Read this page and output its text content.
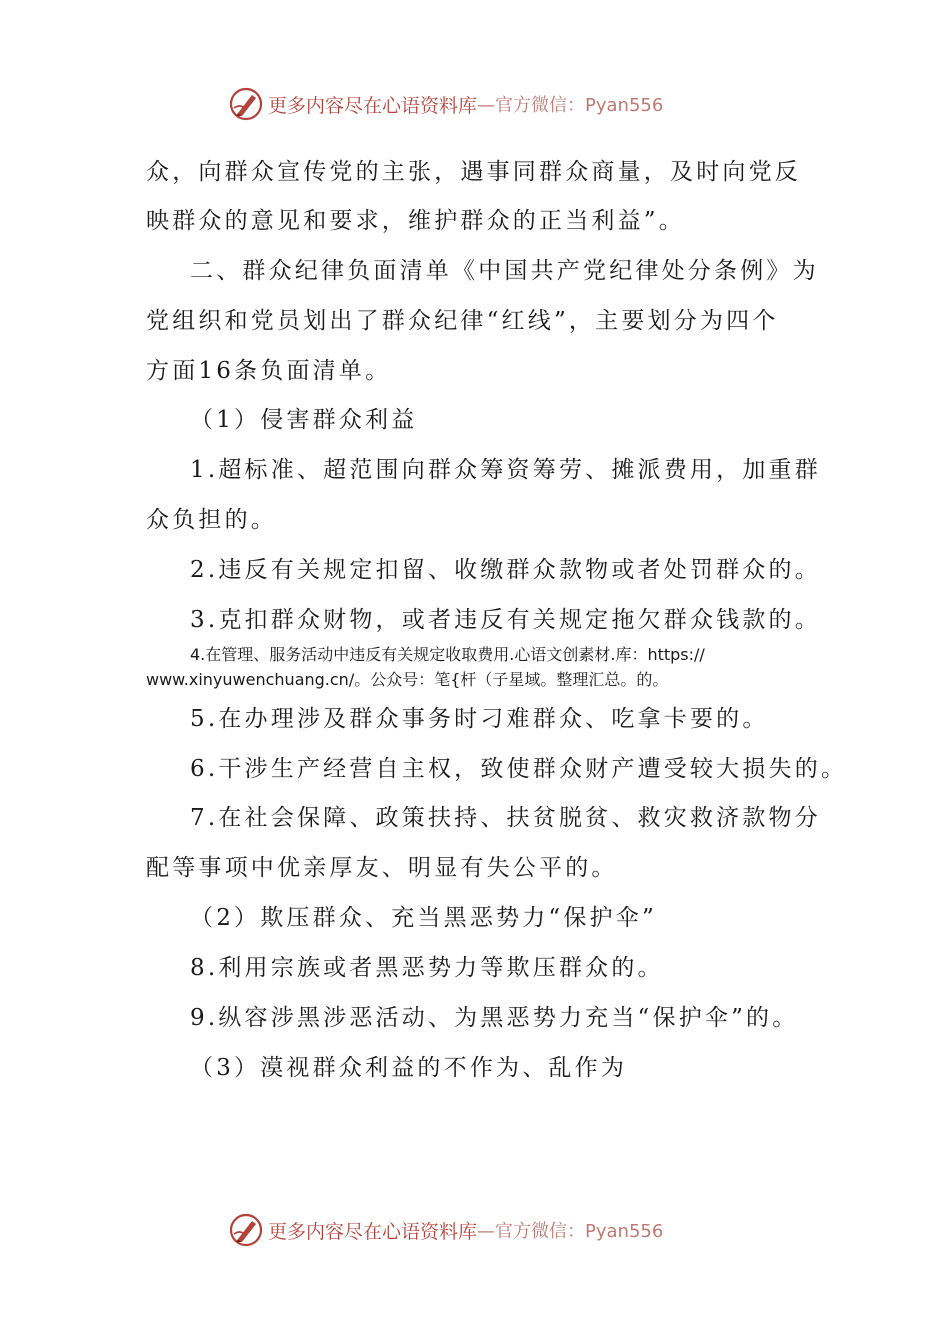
更多内容尽在心语资料库 —官方微信：Pyan556
众，向群众宣传党的主张，遇事同群众商量，及时向党反
映群众的意见和要求，维护群众的正当利益”。
二、群众纪律负面清单《中国共产党纪律处分条例》为
党组织和党员划出了群众纪律“红线”，主要划分为四个
方面16条负面清单。
（1）侵害群众利益
1.超标准、超范围向群众筹资筹劳、摊派费用，加重群
众负担的。
2.违反有关规定扣留、收缴群众款物或者处罚群众的。
3.克扣群众财物，或者违反有关规定拖欠群众钱款的。
4.在管理、服务活动中违反有关规定收取费用.心语文创素材.库：https://
www.xinyuwenchuang.cn/。公众号：笔{杆（子星域。整理汇总。的。
5.在办理涉及群众事务时刁难群众、吃拿卡要的。
6.干涉生产经营自主权，致使群众财产遭受较大损失的。
7.在社会保障、政策扶持、扶贫脱贫、救灾救济款物分
配等事项中优亲厚友、明显有失公平的。
（2）欺压群众、充当黑恶势力“保护伞”
8.利用宗族或者黑恶势力等欺压群众的。
9.纵容涉黑涉恶活动、为黑恶势力充当“保护伞”的。
（3）漠视群众利益的不作为、乱作为
更多内容尽在心语资料库 —官方微信：Pyan556
